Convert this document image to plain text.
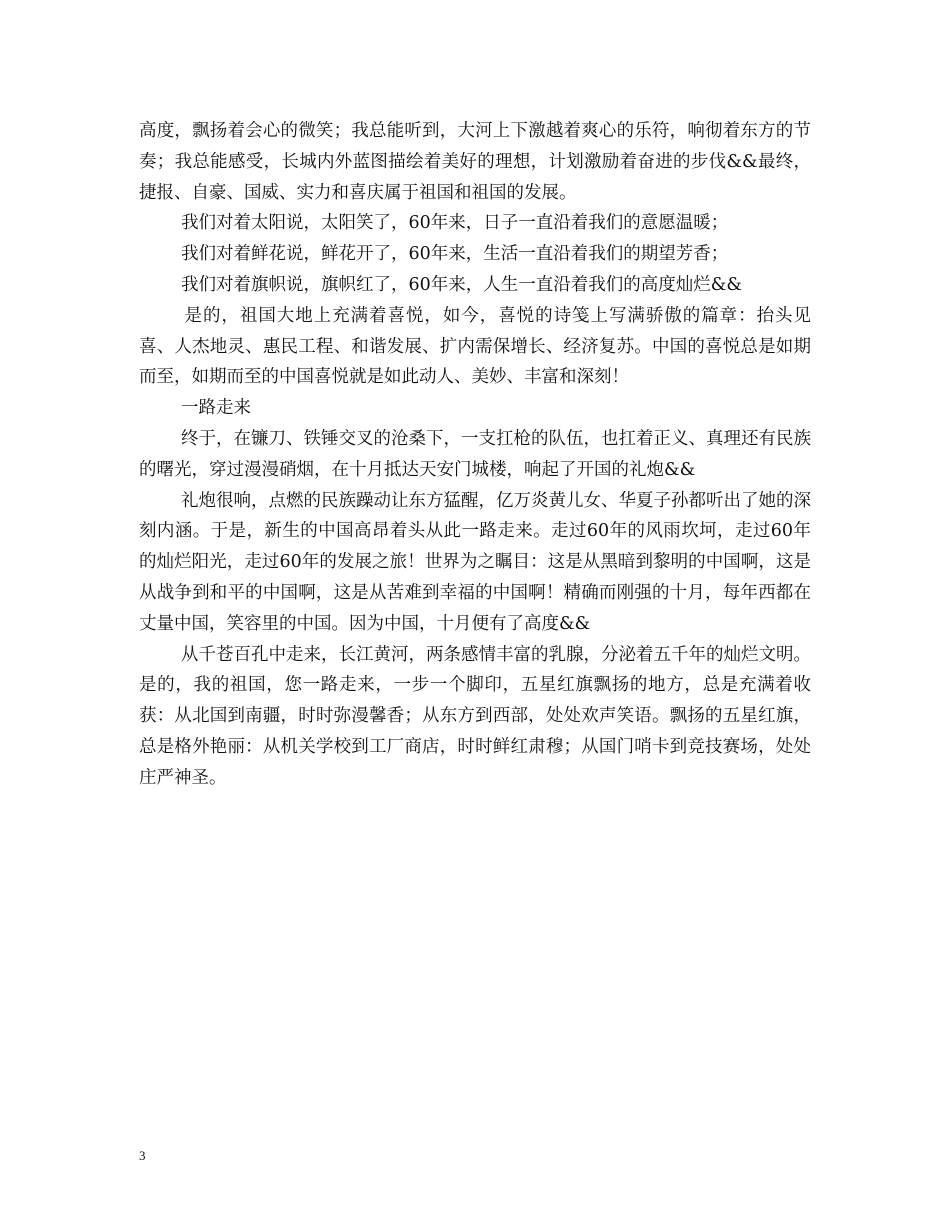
高度，飘扬着会心的微笑；我总能听到，大河上下激越着爽心的乐符，响彻着东方的节奏；我总能感受，长城内外蓝图描绘着美好的理想，计划激励着奋进的步伐&&最终，捷报、自豪、国威、实力和喜庆属于祖国和祖国的发展。

我们对着太阳说，太阳笑了，60年来，日子一直沿着我们的意愿温暖；

我们对着鲜花说，鲜花开了，60年来，生活一直沿着我们的期望芳香；

我们对着旗帜说，旗帜红了，60年来，人生一直沿着我们的高度灿烂&&

是的，祖国大地上充满着喜悦，如今，喜悦的诗笺上写满骄傲的篇章：抬头见喜、人杰地灵、惠民工程、和谐发展、扩内需保增长、经济复苏。中国的喜悦总是如期而至，如期而至的中国喜悦就是如此动人、美妙、丰富和深刻！

一路走来

终于，在镰刀、铁锤交叉的沧桑下，一支扛枪的队伍，也扛着正义、真理还有民族的曙光，穿过漫漫硝烟，在十月抵达天安门城楼，响起了开国的礼炮&&

礼炮很响，点燃的民族躁动让东方猛醒，亿万炎黄儿女、华夏子孙都听出了她的深刻内涵。于是，新生的中国高昂着头从此一路走来。走过60年的风雨坎坷，走过60年的灿烂阳光，走过60年的发展之旅！世界为之瞩目：这是从黑暗到黎明的中国啊，这是从战争到和平的中国啊，这是从苦难到幸福的中国啊！精确而刚强的十月，每年西都在丈量中国，笑容里的中国。因为中国，十月便有了高度&&

从千苍百孔中走来，长江黄河，两条感情丰富的乳腺，分泌着五千年的灿烂文明。是的，我的祖国，您一路走来，一步一个脚印，五星红旗飘扬的地方，总是充满着收获：从北国到南疆，时时弥漫馨香；从东方到西部，处处欢声笑语。飘扬的五星红旗，总是格外艳丽：从机关学校到工厂商店，时时鲜红肃穆；从国门哨卡到竞技赛场，处处庄严神圣。

3
